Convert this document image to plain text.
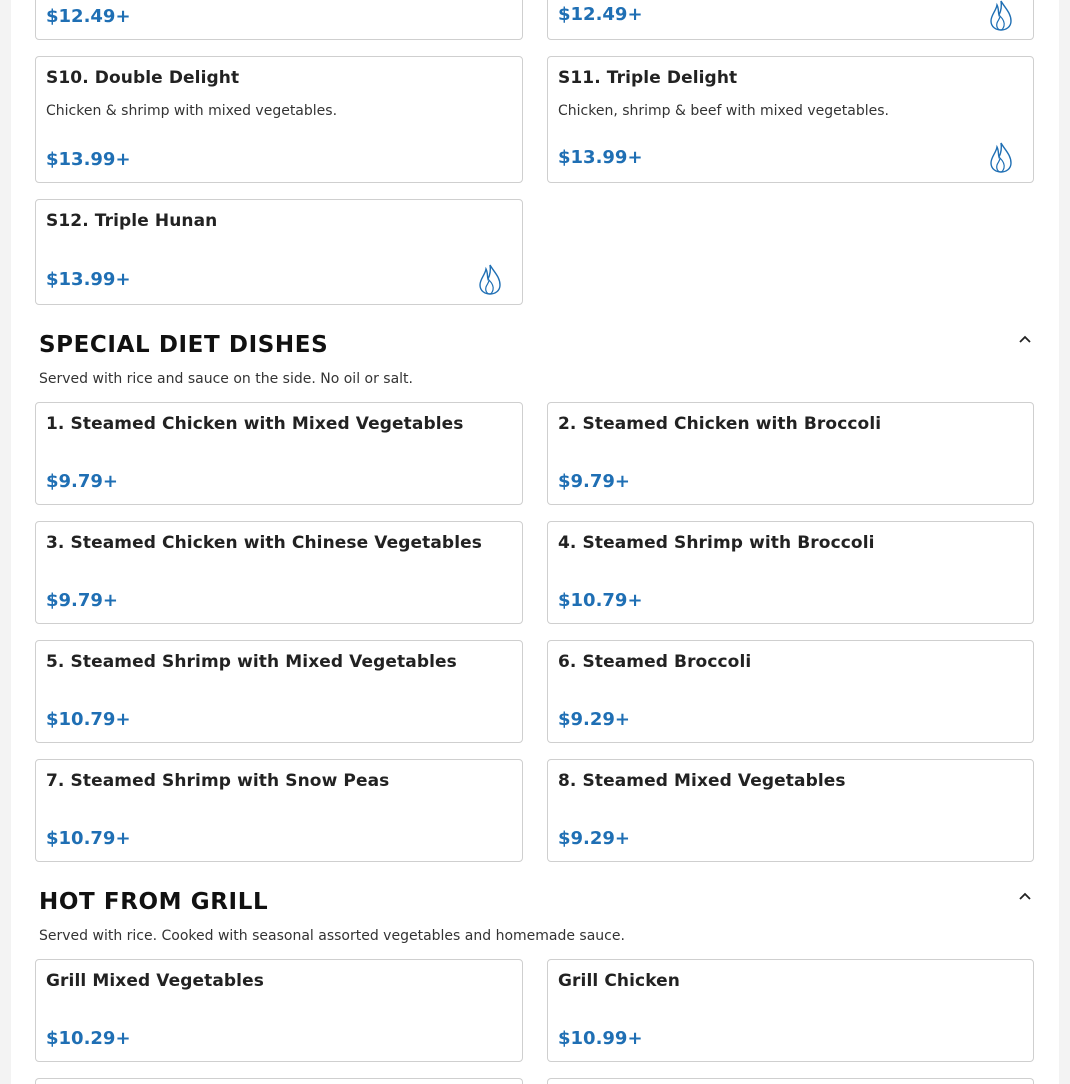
$12.49+	$12.49+
S10. Double Delight
Chicken & shrimp with mixed vegetables.
$13.99+
S11. Triple Delight
Chicken, shrimp & beef with mixed vegetables.
$13.99+
S12. Triple Hunan
$13.99+
SPECIAL DIET DISHES
Served with rice and sauce on the side. No oil or salt.
1. Steamed Chicken with Mixed Vegetables
$9.79+
2. Steamed Chicken with Broccoli
$9.79+
3. Steamed Chicken with Chinese Vegetables
$9.79+
4. Steamed Shrimp with Broccoli
$10.79+
5. Steamed Shrimp with Mixed Vegetables
$10.79+
6. Steamed Broccoli
$9.29+
7. Steamed Shrimp with Snow Peas
$10.79+
8. Steamed Mixed Vegetables
$9.29+
HOT FROM GRILL
Served with rice. Cooked with seasonal assorted vegetables and homemade sauce.
Grill Mixed Vegetables
$10.29+
Grill Chicken
$10.99+
